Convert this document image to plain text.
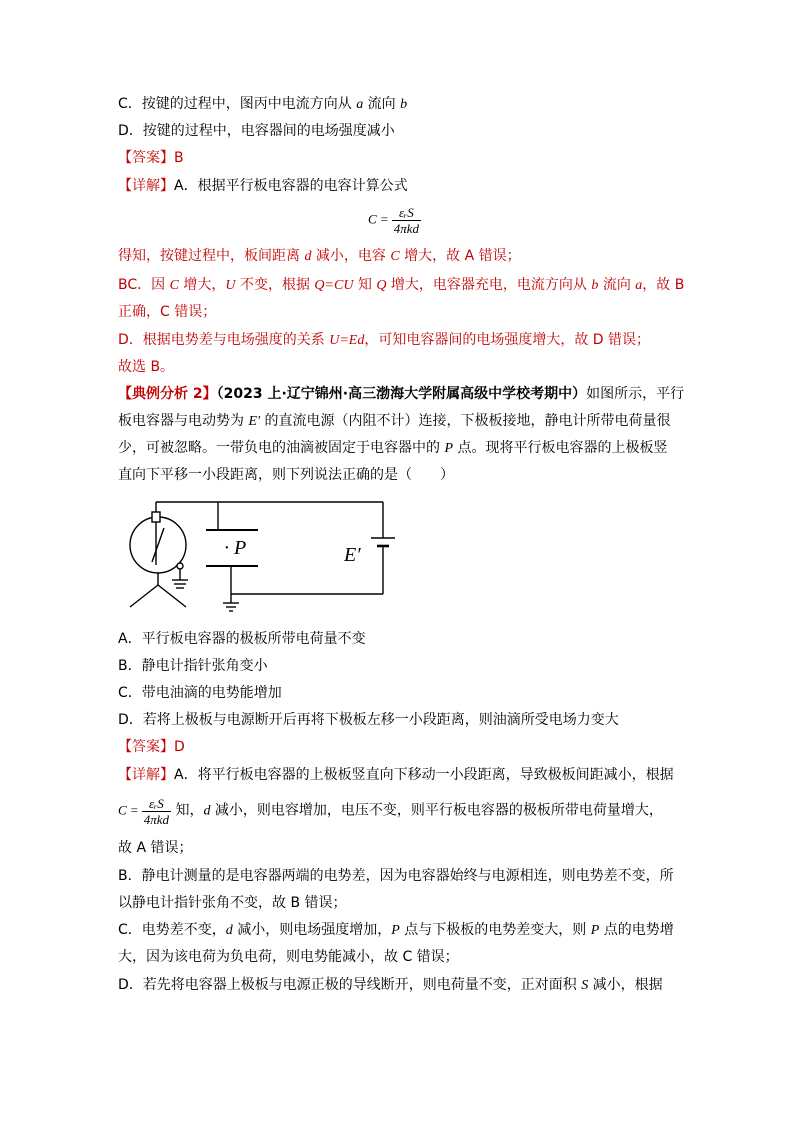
C．按键的过程中，图丙中电流方向从 a 流向 b
D．按键的过程中，电容器间的电场强度减小
【答案】B
【详解】A．根据平行板电容器的电容计算公式
$C = \frac{\text{εᵣS}}{\text{4πkd}}$
得知，按键过程中，板间距离 d 减小，电容 C 增大，故 A 错误；
BC．因 C 增大，U 不变，根据 Q=CU 知 Q 增大，电容器充电，电流方向从 b 流向 a，故 B
正确，C 错误；
D．根据电势差与电场强度的关系 U=Ed，可知电容器间的电场强度增大，故 D 错误；
故选 B。
【典例分析 2】（2023 上·辽宁锦州·高三渤海大学附属高级中学校考期中）如图所示，平行
板电容器与电动势为 E' 的直流电源（内阻不计）连接，下极板接地，静电计所带电荷量很
少，可被忽略。一带负电的油滴被固定于电容器中的 P 点。现将平行板电容器的上极板竖
直向下平移一小段距离，则下列说法正确的是（　　）
· P	E′
A．平行板电容器的极板所带电荷量不变
B．静电计指针张角变小
C．带电油滴的电势能增加
D．若将上极板与电源断开后再将下极板左移一小段距离，则油滴所受电场力变大
【答案】D
【详解】A．将平行板电容器的上极板竖直向下移动一小段距离，导致极板间距减小，根据
$C = \frac{\text{εᵣS}}{\text{4πkd}}$ 知，d 减小，则电容增加，电压不变，则平行板电容器的极板所带电荷量增大，
故 A 错误；
B．静电计测量的是电容器两端的电势差，因为电容器始终与电源相连，则电势差不变，所
以静电计指针张角不变，故 B 错误；
C．电势差不变，d 减小，则电场强度增加，P 点与下极板的电势差变大，则 P 点的电势增
大，因为该电荷为负电荷，则电势能减小，故 C 错误；
D．若先将电容器上极板与电源正极的导线断开，则电荷量不变，正对面积 S 减小，根据
